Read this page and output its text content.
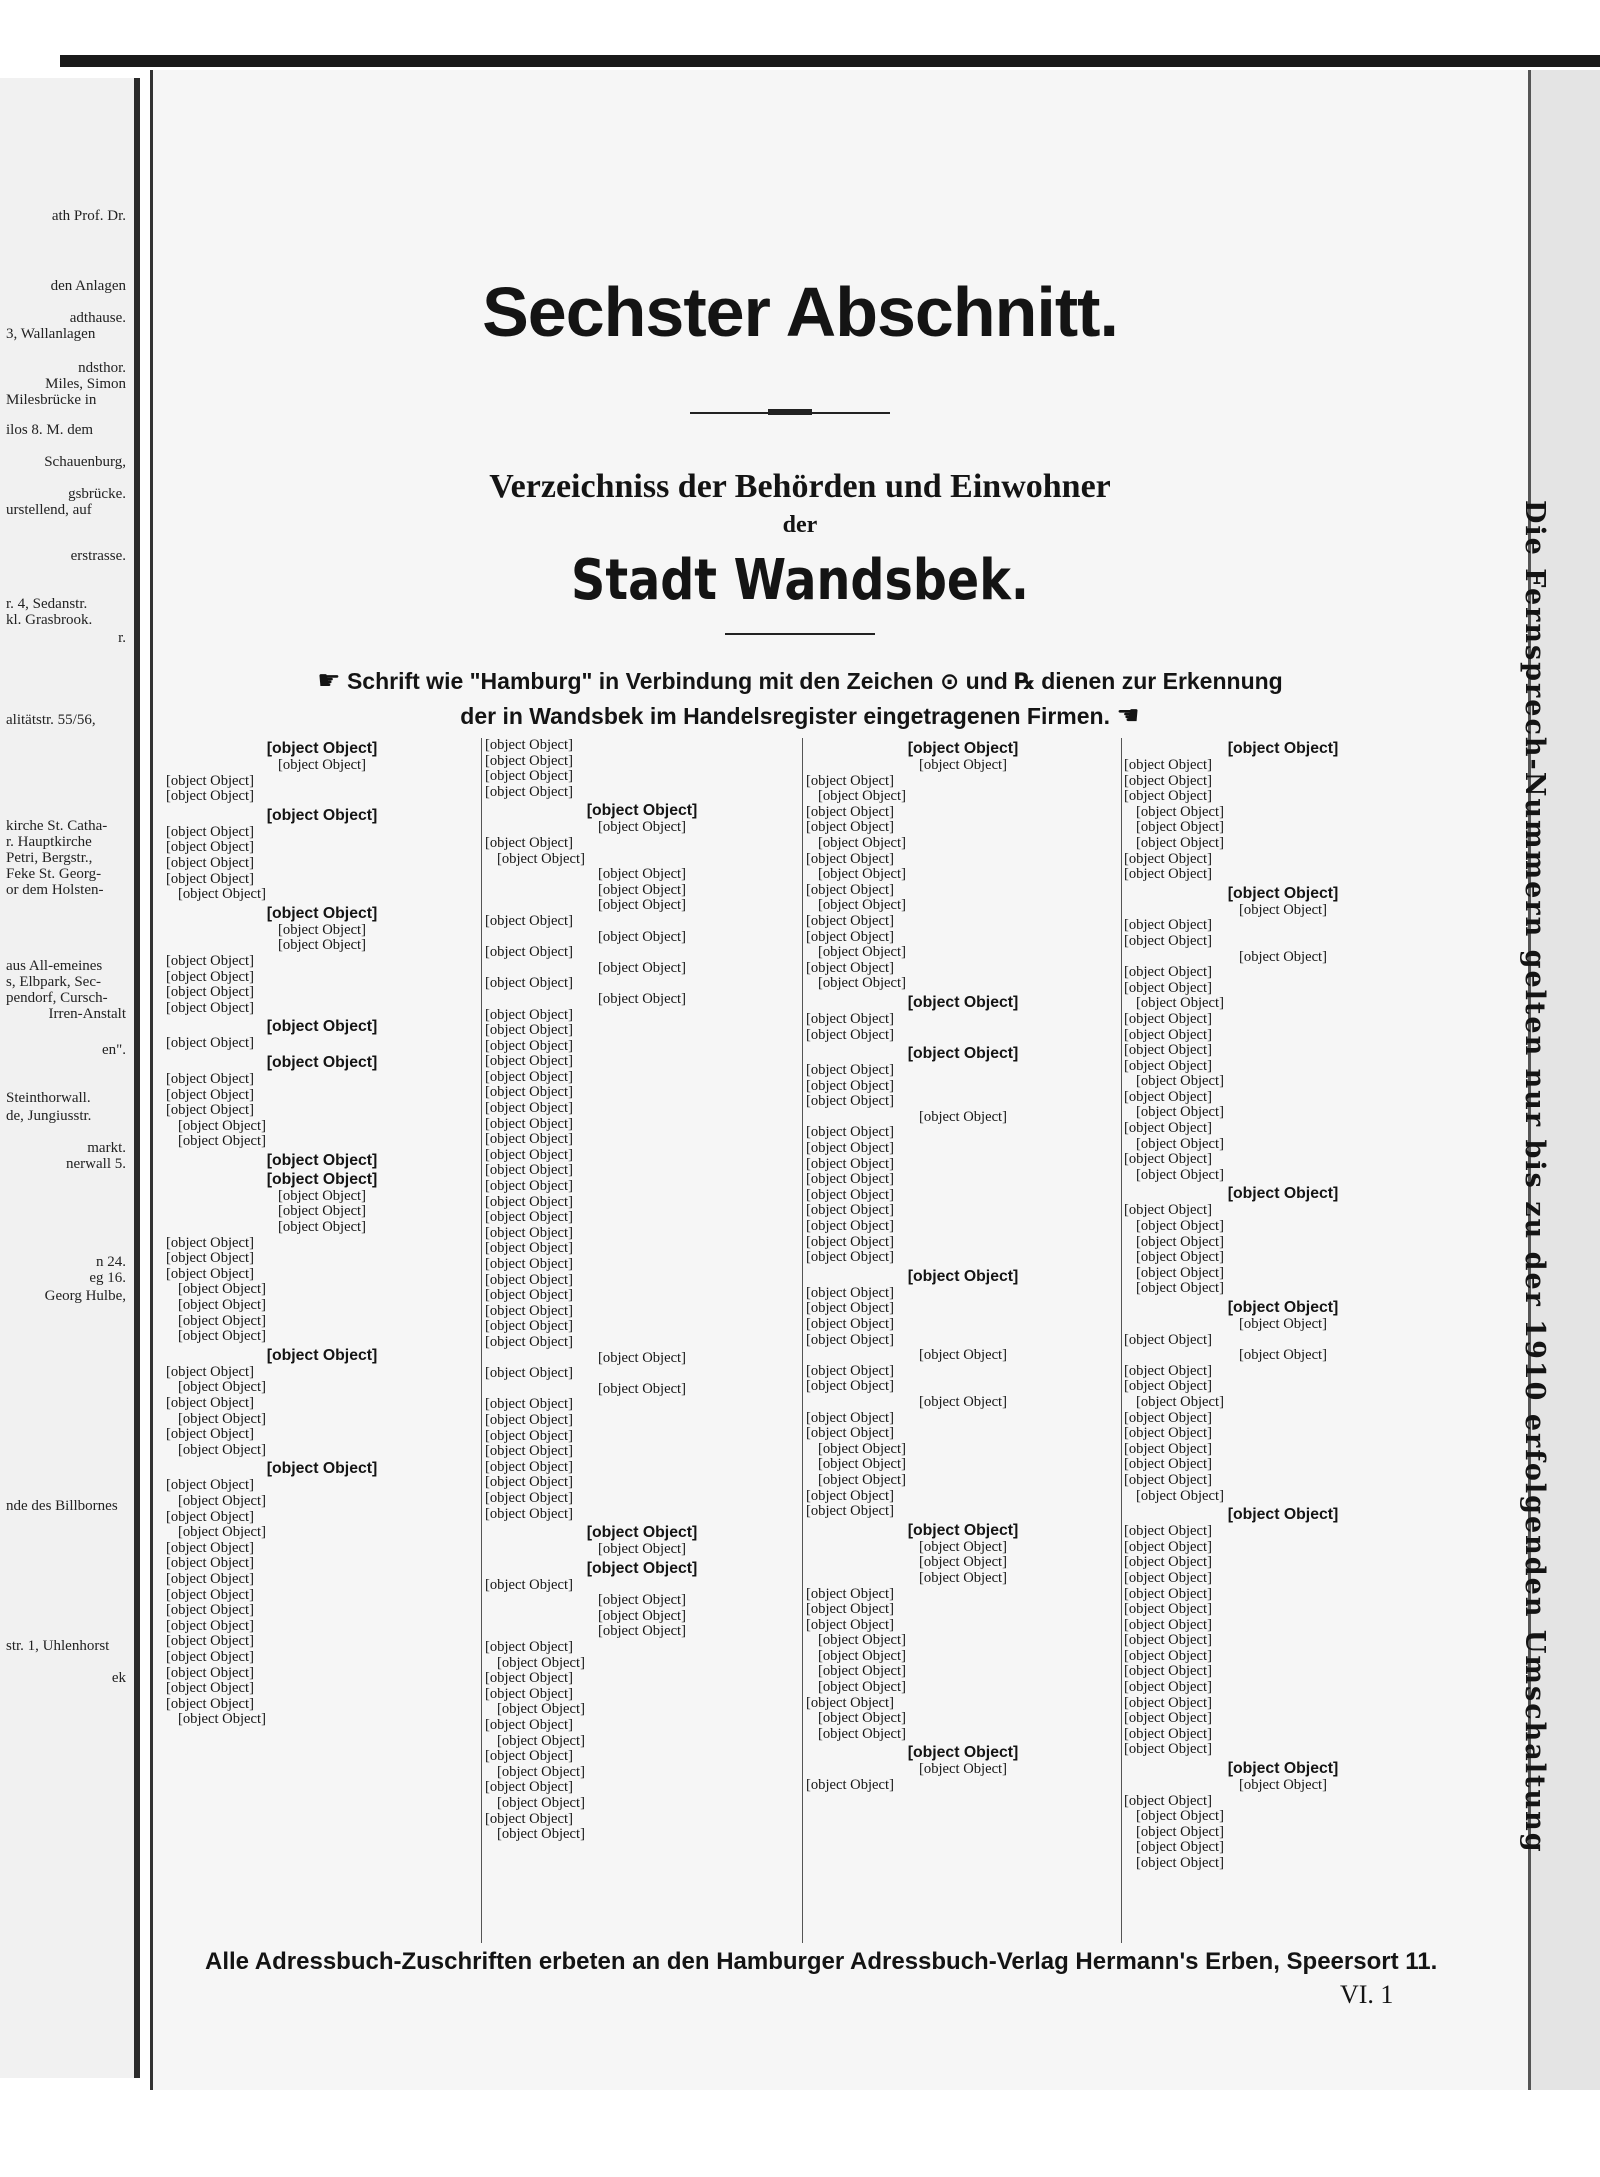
ath Prof. Dr.
den Anlagen
adthause.
3, Wallanlagen
ndsthor.
Miles, Simon
Milesbrücke in
ilos 8. M. dem
Schauenburg,
gsbrücke.
urstellend, auf
erstrasse.
r. 4, Sedanstr.
kl. Grasbrook.
r.
alitätstr. 55/56,
kirche St. Catha-
r. Hauptkirche
Petri, Bergstr.,
Feke St. Georg-
or dem Holsten-
aus All-emeines
s, Elbpark, Sec-
pendorf, Cursch-
Irren-Anstalt
en".
Steinthorwall.
de, Jungiusstr.
markt.
nerwall 5.
n 24.
eg 16.
Georg Hulbe,
nde des Billbornes
str. 1, Uhlenhorst
ek
Sechster Abschnitt.
Verzeichniss der Behörden und Einwohner
der
Stadt Wandsbek.
☛ Schrift wie "Hamburg" in Verbindung mit den Zeichen ⊙ und ℞ dienen zur Erkennung
der in Wandsbek im Handelsregister eingetragenen Firmen. ☚
[object Object]
[object Object]
[object Object]
[object Object]
[object Object]
[object Object]
[object Object]
[object Object]
[object Object]
[object Object]
[object Object]
[object Object]
[object Object]
[object Object]
[object Object]
[object Object]
[object Object]
[object Object]
[object Object]
[object Object]
[object Object]
[object Object]
[object Object]
[object Object]
[object Object]
[object Object]
[object Object]
[object Object]
[object Object]
[object Object]
[object Object]
[object Object]
[object Object]
[object Object]
[object Object]
[object Object]
[object Object]
[object Object]
[object Object]
[object Object]
[object Object]
[object Object]
[object Object]
[object Object]
[object Object]
[object Object]
[object Object]
[object Object]
[object Object]
[object Object]
[object Object]
[object Object]
[object Object]
[object Object]
[object Object]
[object Object]
[object Object]
[object Object]
[object Object]
[object Object]
[object Object]
[object Object]
[object Object]
[object Object]
[object Object]
[object Object]
[object Object]
[object Object]
[object Object]
[object Object]
[object Object]
[object Object]
[object Object]
[object Object]
[object Object]
[object Object]
[object Object]
[object Object]
[object Object]
[object Object]
[object Object]
[object Object]
[object Object]
[object Object]
[object Object]
[object Object]
[object Object]
[object Object]
[object Object]
[object Object]
[object Object]
[object Object]
[object Object]
[object Object]
[object Object]
[object Object]
[object Object]
[object Object]
[object Object]
[object Object]
[object Object]
[object Object]
[object Object]
[object Object]
[object Object]
[object Object]
[object Object]
[object Object]
[object Object]
[object Object]
[object Object]
[object Object]
[object Object]
[object Object]
[object Object]
[object Object]
[object Object]
[object Object]
[object Object]
[object Object]
[object Object]
[object Object]
[object Object]
[object Object]
[object Object]
[object Object]
[object Object]
[object Object]
[object Object]
[object Object]
[object Object]
[object Object]
[object Object]
[object Object]
[object Object]
[object Object]
[object Object]
[object Object]
[object Object]
[object Object]
[object Object]
[object Object]
[object Object]
[object Object]
[object Object]
[object Object]
[object Object]
[object Object]
[object Object]
[object Object]
[object Object]
[object Object]
[object Object]
[object Object]
[object Object]
[object Object]
[object Object]
[object Object]
[object Object]
[object Object]
[object Object]
[object Object]
[object Object]
[object Object]
[object Object]
[object Object]
[object Object]
[object Object]
[object Object]
[object Object]
[object Object]
[object Object]
[object Object]
[object Object]
[object Object]
[object Object]
[object Object]
[object Object]
[object Object]
[object Object]
[object Object]
[object Object]
[object Object]
[object Object]
[object Object]
[object Object]
[object Object]
[object Object]
[object Object]
[object Object]
[object Object]
[object Object]
[object Object]
[object Object]
[object Object]
[object Object]
[object Object]
[object Object]
[object Object]
[object Object]
[object Object]
[object Object]
[object Object]
[object Object]
[object Object]
[object Object]
[object Object]
[object Object]
[object Object]
[object Object]
[object Object]
[object Object]
[object Object]
[object Object]
[object Object]
[object Object]
[object Object]
[object Object]
[object Object]
[object Object]
[object Object]
[object Object]
[object Object]
[object Object]
[object Object]
[object Object]
[object Object]
[object Object]
[object Object]
[object Object]
[object Object]
[object Object]
[object Object]
[object Object]
[object Object]
[object Object]
[object Object]
[object Object]
[object Object]
[object Object]
[object Object]
[object Object]
[object Object]
[object Object]
[object Object]
[object Object]
[object Object]
[object Object]
[object Object]
[object Object]
[object Object]
[object Object]
[object Object]
[object Object]
[object Object]
[object Object]
[object Object]
[object Object]
[object Object]
[object Object]
[object Object]
[object Object]
[object Object]
[object Object]
[object Object]
[object Object]
[object Object]
[object Object]
Die Fernsprech-Nummern gelten nur bis zu der 1910 erfolgenden Umschaltung
Alle Adressbuch-Zuschriften erbeten an den Hamburger Adressbuch-Verlag Hermann's Erben, Speersort 11.
VI. 1
